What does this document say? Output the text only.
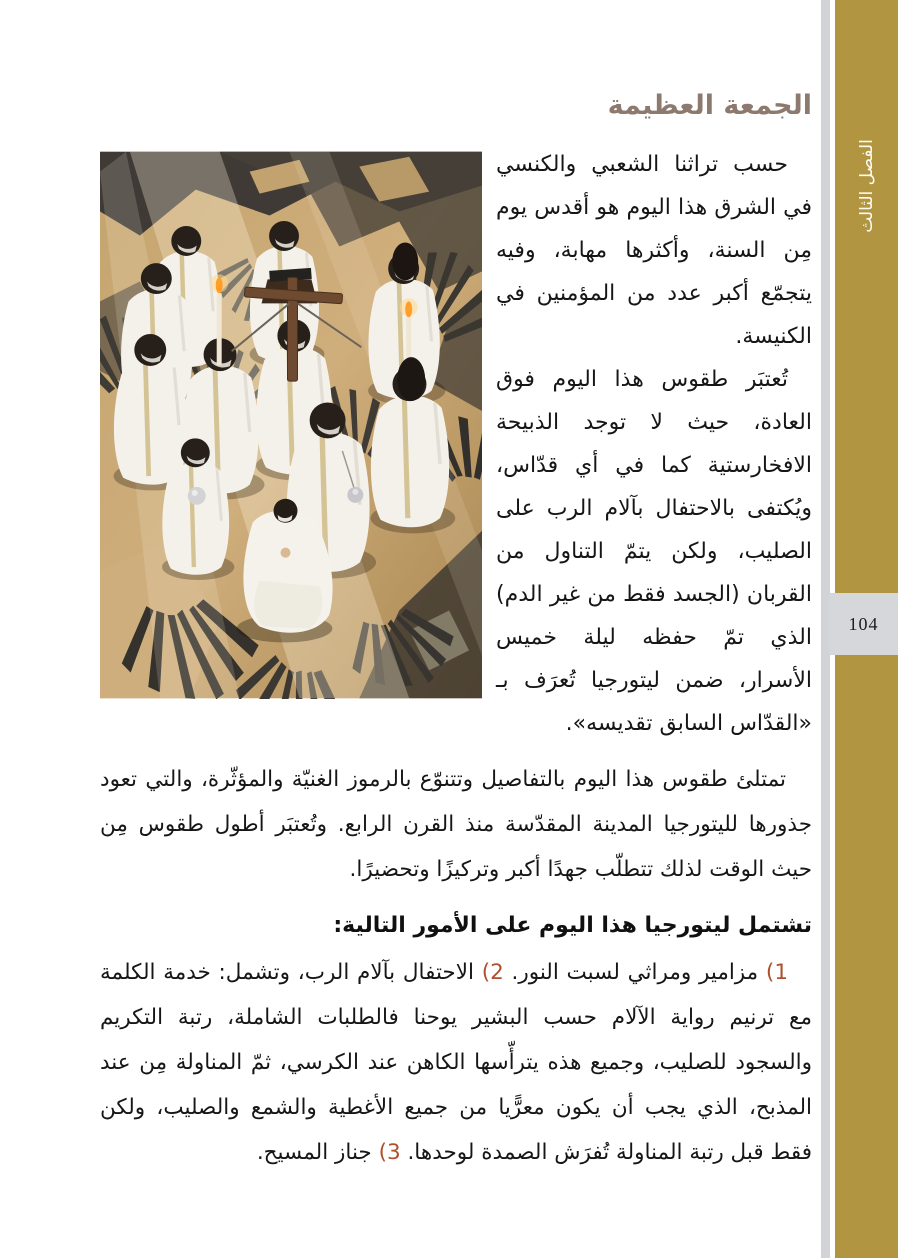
الفصل الثالث
104
الجمعة العظيمة

حسب تراثنا الشعبي والكنسي في الشرق هذا اليوم هو أقدس يوم مِن السنة، وأكثرها مهابة، وفيه يتجمّع أكبر عدد من المؤمنين في الكنيسة.

تُعتبَر طقوس هذا اليوم فوق العادة، حيث لا توجد الذبيحة الافخارستية كما في أي قدّاس، ويُكتفى بالاحتفال بآلام الرب على الصليب، ولكن يتمّ التناول من القربان (الجسد فقط من غير الدم) الذي تمّ حفظه ليلة خميس الأسرار، ضمن ليتورجيا تُعرَف بـ «القدّاس السابق تقديسه».

تمتلئ طقوس هذا اليوم بالتفاصيل وتتنوّع بالرموز الغنيّة والمؤثّرة، والتي تعود جذورها لليتورجيا المدينة المقدّسة منذ القرن الرابع. وتُعتبَر أطول طقوس مِن حيث الوقت لذلك تتطلّب جهدًا أكبر وتركيزًا وتحضيرًا.

تشتمل ليتورجيا هذا اليوم على الأمور التالية:

1) مزامير ومراثي لسبت النور. 2) الاحتفال بآلام الرب، وتشمل: خدمة الكلمة مع ترنيم رواية الآلام حسب البشير يوحنا فالطلبات الشاملة، رتبة التكريم والسجود للصليب، وجميع هذه يترأّسها الكاهن عند الكرسي، ثمّ المناولة مِن عند المذبح، الذي يجب أن يكون معرًّيا من جميع الأغطية والشمع والصليب، ولكن فقط قبل رتبة المناولة تُفرَش الصمدة لوحدها. 3) جناز المسيح.
